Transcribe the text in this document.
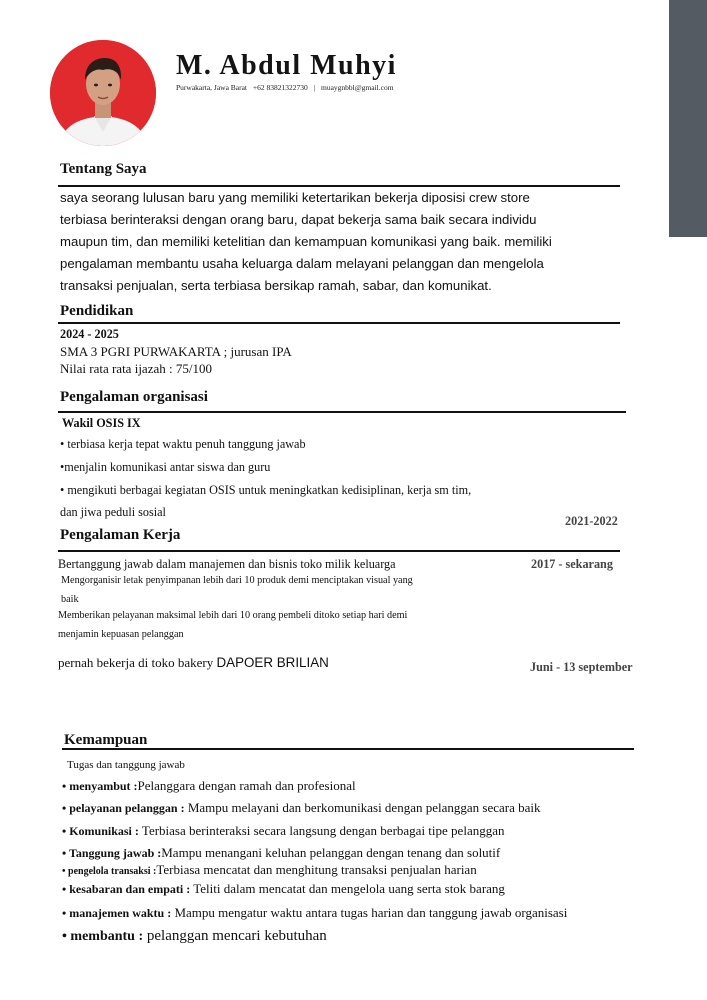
M. Abdul Muhyi
Purwakarta, Jawa Barat +62 83821322730 | muaygnbbl@gmail.com
Tentang Saya
saya seorang lulusan baru yang memiliki ketertarikan bekerja diposisi crew store
terbiasa berinteraksi dengan orang baru, dapat bekerja sama baik secara individu
maupun tim, dan memiliki ketelitian dan kemampuan komunikasi yang baik. memiliki
pengalaman membantu usaha keluarga dalam melayani pelanggan dan mengelola
transaksi penjualan, serta terbiasa bersikap ramah, sabar, dan komunikat.
Pendidikan
2024 - 2025
SMA 3 PGRI PURWAKARTA ; jurusan IPA
Nilai rata rata ijazah : 75/100
Pengalaman organisasi
Wakil OSIS IX
• terbiasa kerja tepat waktu penuh tanggung jawab
•menjalin komunikasi antar siswa dan guru
• mengikuti berbagai kegiatan OSIS untuk meningkatkan kedisiplinan, kerja sm tim,
dan jiwa peduli sosial
2021-2022
Pengalaman Kerja
Bertanggung jawab dalam manajemen dan bisnis toko milik keluarga	2017 - sekarang
Mengorganisir letak penyimpanan lebih dari 10 produk demi menciptakan visual yang
baik
Memberikan pelayanan maksimal lebih dari 10 orang pembeli ditoko setiap hari demi
menjamin kepuasan pelanggan
pernah bekerja di toko bakery DAPOER BRILIAN	Juni - 13 september
Kemampuan
Tugas dan tanggung jawab
• menyambut :Pelanggara dengan ramah dan profesional
• pelayanan pelanggan : Mampu melayani dan berkomunikasi dengan pelanggan secara baik
• Komunikasi : Terbiasa berinteraksi secara langsung dengan berbagai tipe pelanggan
• Tanggung jawab :Mampu menangani keluhan pelanggan dengan tenang dan solutif
• pengelola transaksi :Terbiasa mencatat dan menghitung transaksi penjualan harian
• kesabaran dan empati : Teliti dalam mencatat dan mengelola uang serta stok barang
• manajemen waktu : Mampu mengatur waktu antara tugas harian dan tanggung jawab organisasi
• membantu : pelanggan mencari kebutuhan
